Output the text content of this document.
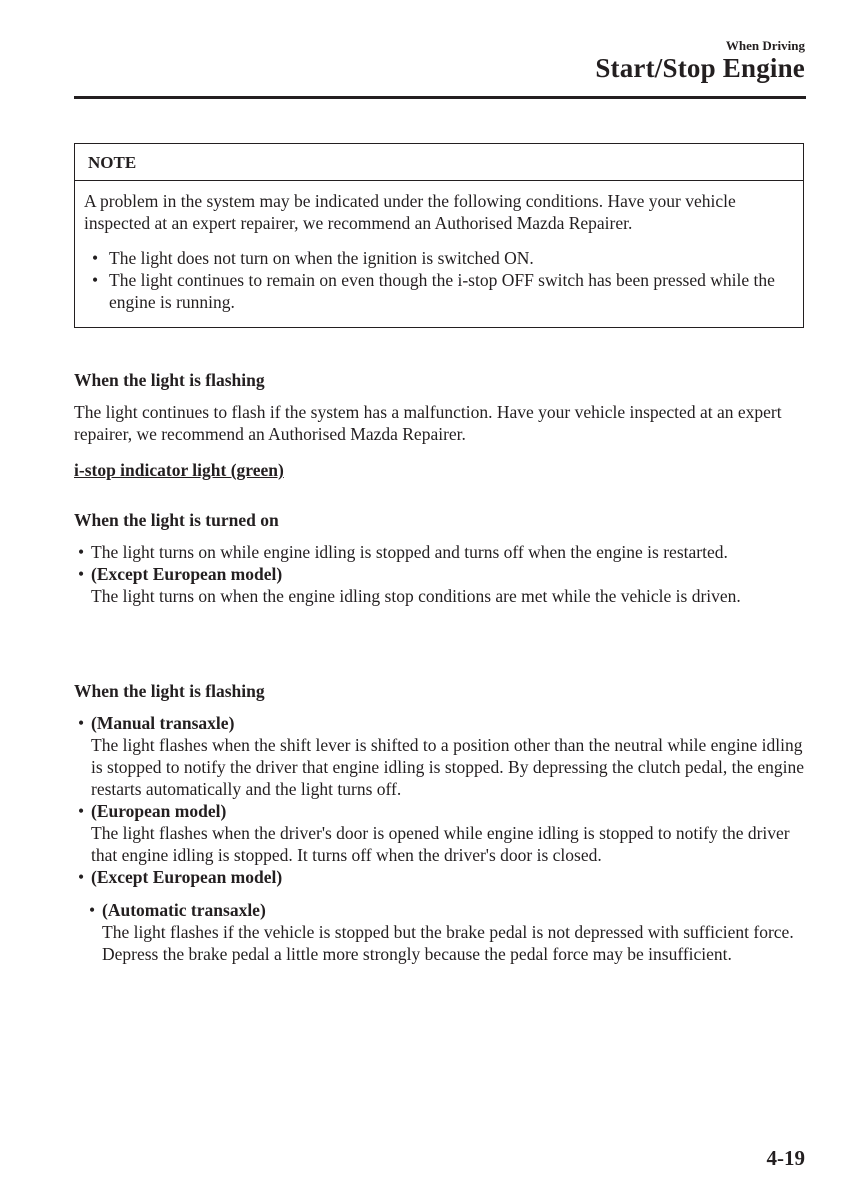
When Driving
Start/Stop Engine
NOTE

A problem in the system may be indicated under the following conditions. Have your vehicle inspected at an expert repairer, we recommend an Authorised Mazda Repairer.

• The light does not turn on when the ignition is switched ON.
• The light continues to remain on even though the i-stop OFF switch has been pressed while the engine is running.
When the light is flashing
The light continues to flash if the system has a malfunction. Have your vehicle inspected at an expert repairer, we recommend an Authorised Mazda Repairer.
i-stop indicator light (green)
When the light is turned on
• The light turns on while engine idling is stopped and turns off when the engine is restarted.
• (Except European model)
The light turns on when the engine idling stop conditions are met while the vehicle is driven.
When the light is flashing
• (Manual transaxle)
The light flashes when the shift lever is shifted to a position other than the neutral while engine idling is stopped to notify the driver that engine idling is stopped. By depressing the clutch pedal, the engine restarts automatically and the light turns off.
• (European model)
The light flashes when the driver's door is opened while engine idling is stopped to notify the driver that engine idling is stopped. It turns off when the driver's door is closed.
• (Except European model)
• (Automatic transaxle)
The light flashes if the vehicle is stopped but the brake pedal is not depressed with sufficient force. Depress the brake pedal a little more strongly because the pedal force may be insufficient.
4-19
